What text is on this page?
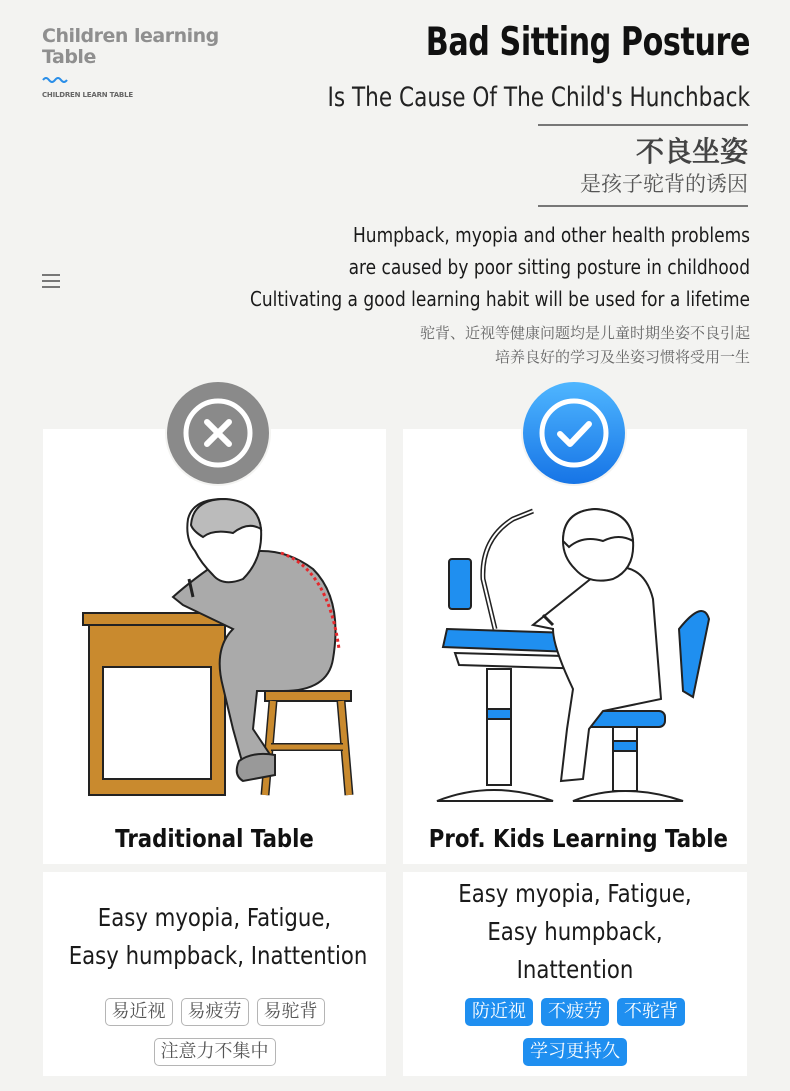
Children learning
Table
CHILDREN LEARN TABLE
Bad Sitting Posture
Is The Cause Of The Child's Hunchback
不良坐姿
是孩子驼背的诱因
Humpback, myopia and other health problems
are caused by poor sitting posture in childhood
Cultivating a good learning habit will be used for a lifetime
驼背、近视等健康问题均是儿童时期坐姿不良引起
培养良好的学习及坐姿习惯将受用一生
Traditional Table	Prof. Kids Learning Table
Easy myopia, Fatigue,
Easy humpback, Inattention
易近视 易疲劳 易驼背
注意力不集中
Easy myopia, Fatigue,
Easy humpback,
Inattention
防近视 不疲劳 不驼背
学习更持久
